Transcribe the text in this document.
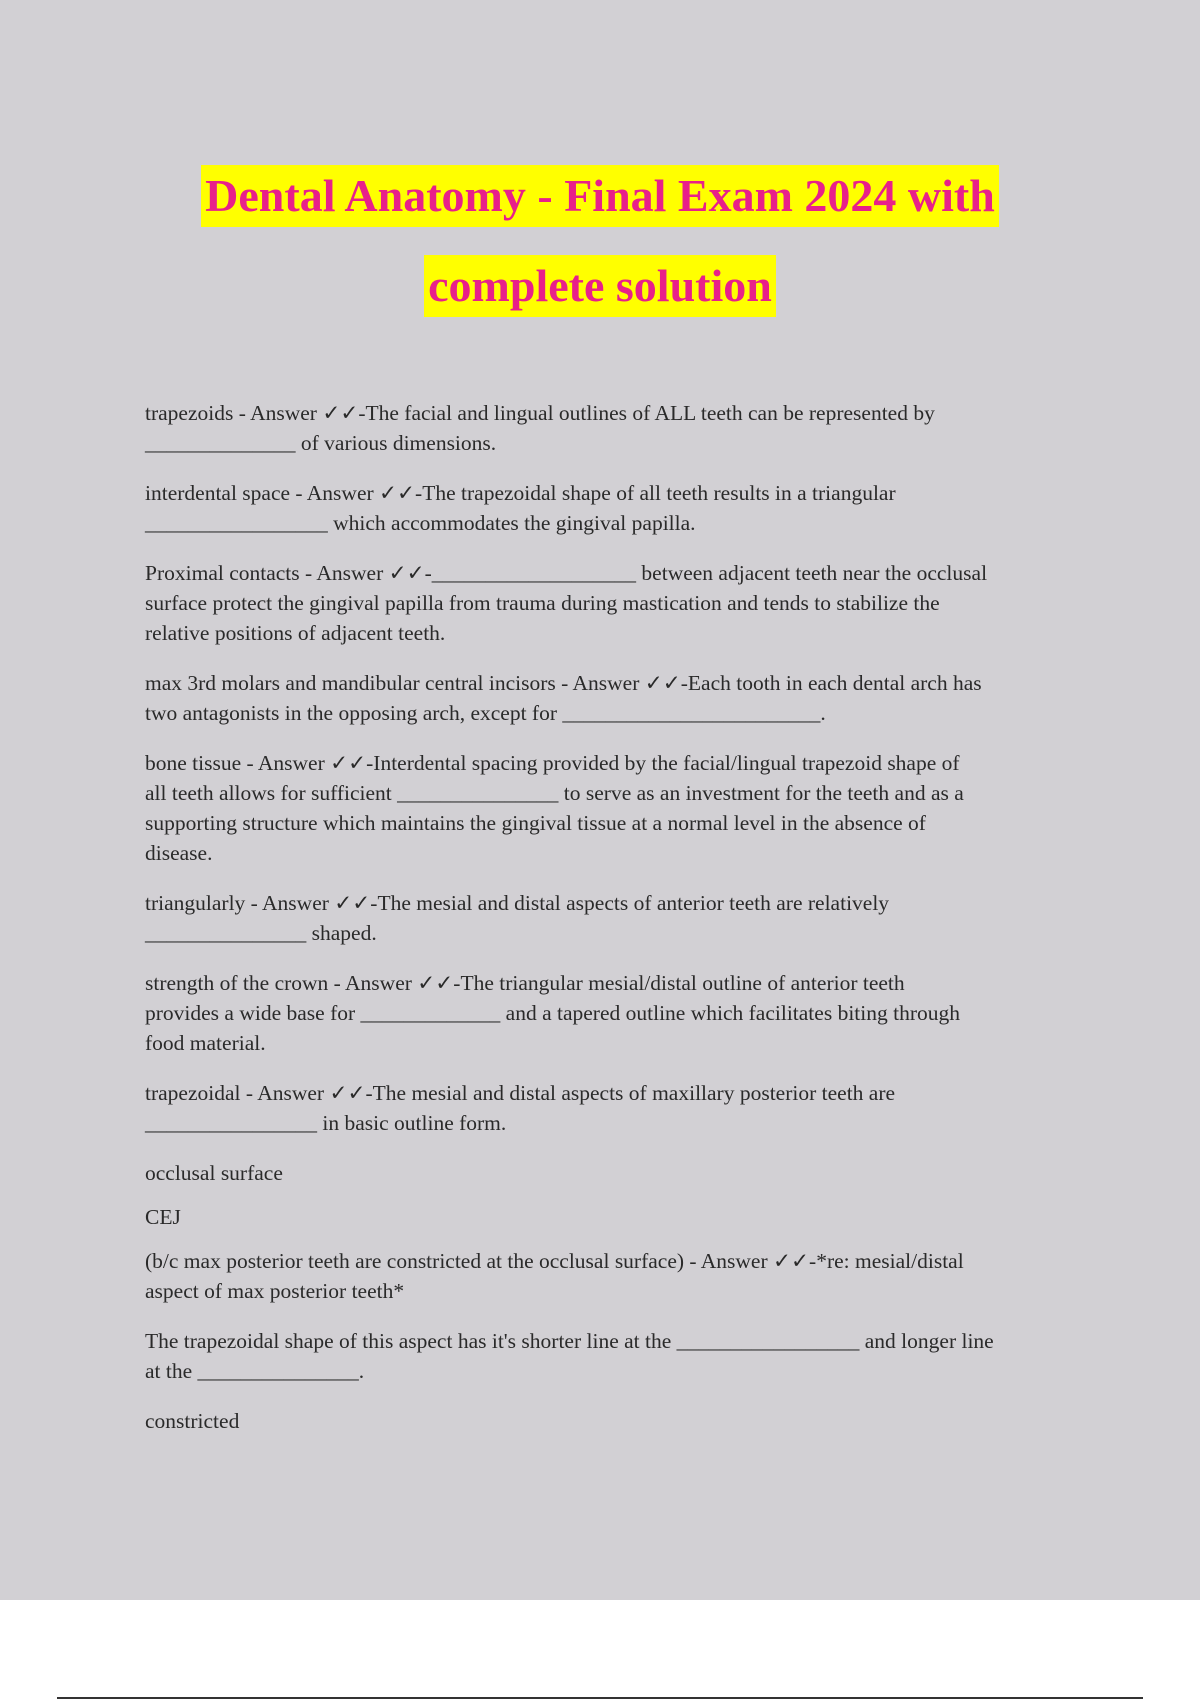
Dental Anatomy - Final Exam 2024 with
complete solution

trapezoids - Answer ✓✓-The facial and lingual outlines of ALL teeth can be represented by
______________ of various dimensions.

interdental space - Answer ✓✓-The trapezoidal shape of all teeth results in a triangular
_________________ which accommodates the gingival papilla.

Proximal contacts - Answer ✓✓-___________________ between adjacent teeth near the occlusal
surface protect the gingival papilla from trauma during mastication and tends to stabilize the
relative positions of adjacent teeth.

max 3rd molars and mandibular central incisors - Answer ✓✓-Each tooth in each dental arch has
two antagonists in the opposing arch, except for ________________________.

bone tissue - Answer ✓✓-Interdental spacing provided by the facial/lingual trapezoid shape of
all teeth allows for sufficient _______________ to serve as an investment for the teeth and as a
supporting structure which maintains the gingival tissue at a normal level in the absence of
disease.

triangularly - Answer ✓✓-The mesial and distal aspects of anterior teeth are relatively
_______________ shaped.

strength of the crown - Answer ✓✓-The triangular mesial/distal outline of anterior teeth
provides a wide base for _____________ and a tapered outline which facilitates biting through
food material.

trapezoidal - Answer ✓✓-The mesial and distal aspects of maxillary posterior teeth are
________________ in basic outline form.

occlusal surface

CEJ

(b/c max posterior teeth are constricted at the occlusal surface) - Answer ✓✓-*re: mesial/distal
aspect of max posterior teeth*

The trapezoidal shape of this aspect has it's shorter line at the _________________ and longer line
at the _______________.

constricted
